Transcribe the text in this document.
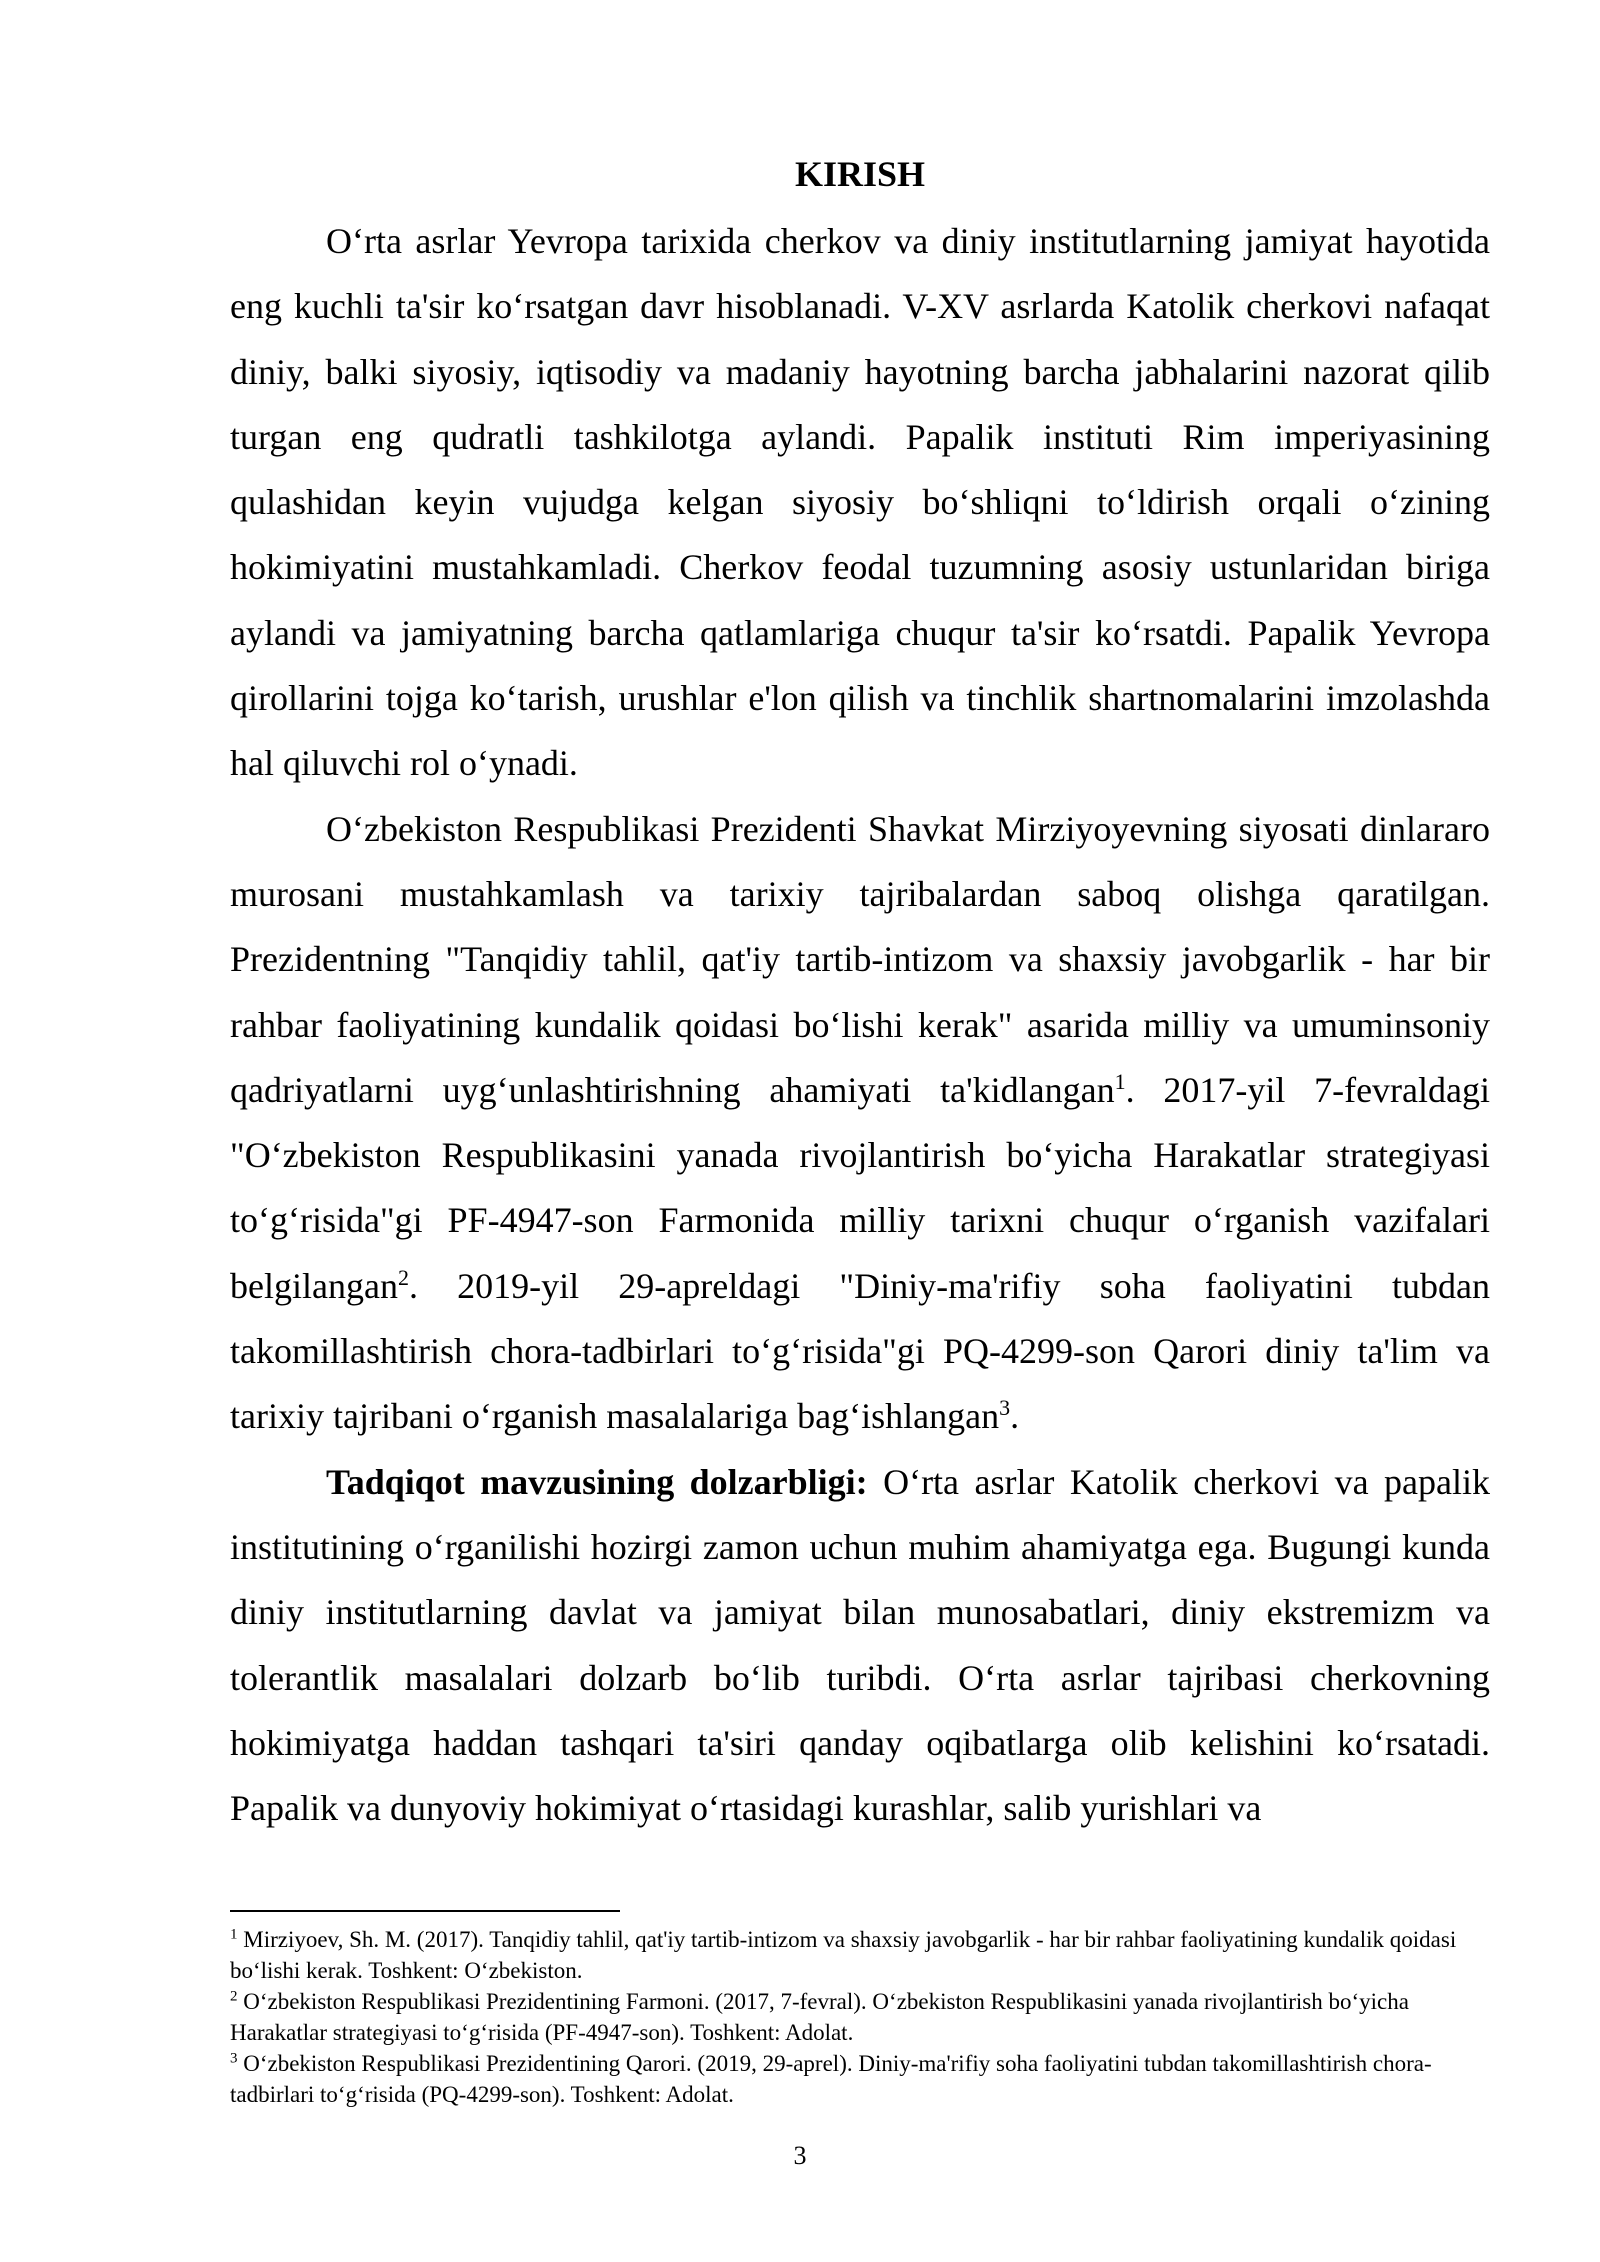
KIRISH

O‘rta asrlar Yevropa tarixida cherkov va diniy institutlarning jamiyat hayotida eng kuchli ta'sir ko‘rsatgan davr hisoblanadi. V-XV asrlarda Katolik cherkovi nafaqat diniy, balki siyosiy, iqtisodiy va madaniy hayotning barcha jabhalarini nazorat qilib turgan eng qudratli tashkilotga aylandi. Papalik instituti Rim imperiyasining qulashidan keyin vujudga kelgan siyosiy bo‘shliqni to‘ldirish orqali o‘zining hokimiyatini mustahkamladi. Cherkov feodal tuzumning asosiy ustunlaridan biriga aylandi va jamiyatning barcha qatlamlariga chuqur ta'sir ko‘rsatdi. Papalik Yevropa qirollarini tojga ko‘tarish, urushlar e'lon qilish va tinchlik shartnomalarini imzolashda hal qiluvchi rol o‘ynadi.

O‘zbekiston Respublikasi Prezidenti Shavkat Mirziyoyevning siyosati dinlararo murosani mustahkamlash va tarixiy tajribalardan saboq olishga qaratilgan. Prezidentning "Tanqidiy tahlil, qat'iy tartib-intizom va shaxsiy javobgarlik - har bir rahbar faoliyatining kundalik qoidasi bo‘lishi kerak" asarida milliy va umuminsoniy qadriyatlarni uyg‘unlashtirishning ahamiyati ta'kidlangan$^1$. 2017-yil 7-fevraldagi "O‘zbekiston Respublikasini yanada rivojlantirish bo‘yicha Harakatlar strategiyasi to‘g‘risida"gi PF-4947-son Farmonida milliy tarixni chuqur o‘rganish vazifalari belgilangan$^2$. 2019-yil 29-apreldagi "Diniy-ma'rifiy soha faoliyatini tubdan takomillashtirish chora-tadbirlari to‘g‘risida"gi PQ-4299-son Qarori diniy ta'lim va tarixiy tajribani o‘rganish masalalariga bag‘ishlangan$^3$.

Tadqiqot mavzusining dolzarbligi: O‘rta asrlar Katolik cherkovi va papalik institutining o‘rganilishi hozirgi zamon uchun muhim ahamiyatga ega. Bugungi kunda diniy institutlarning davlat va jamiyat bilan munosabatlari, diniy ekstremizm va tolerantlik masalalari dolzarb bo‘lib turibdi. O‘rta asrlar tajribasi cherkovning hokimiyatga haddan tashqari ta'siri qanday oqibatlarga olib kelishini ko‘rsatadi. Papalik va dunyoviy hokimiyat o‘rtasidagi kurashlar, salib yurishlari va

$^1$ Mirziyoev, Sh. M. (2017). Tanqidiy tahlil, qat'iy tartib-intizom va shaxsiy javobgarlik - har bir rahbar faoliyatining kundalik qoidasi bo‘lishi kerak. Toshkent: O‘zbekiston.

$^2$ O‘zbekiston Respublikasi Prezidentining Farmoni. (2017, 7-fevral). O‘zbekiston Respublikasini yanada rivojlantirish bo‘yicha Harakatlar strategiyasi to‘g‘risida (PF-4947-son). Toshkent: Adolat.

$^3$ O‘zbekiston Respublikasi Prezidentining Qarori. (2019, 29-aprel). Diniy-ma'rifiy soha faoliyatini tubdan takomillashtirish chora-tadbirlari to‘g‘risida (PQ-4299-son). Toshkent: Adolat.

3
